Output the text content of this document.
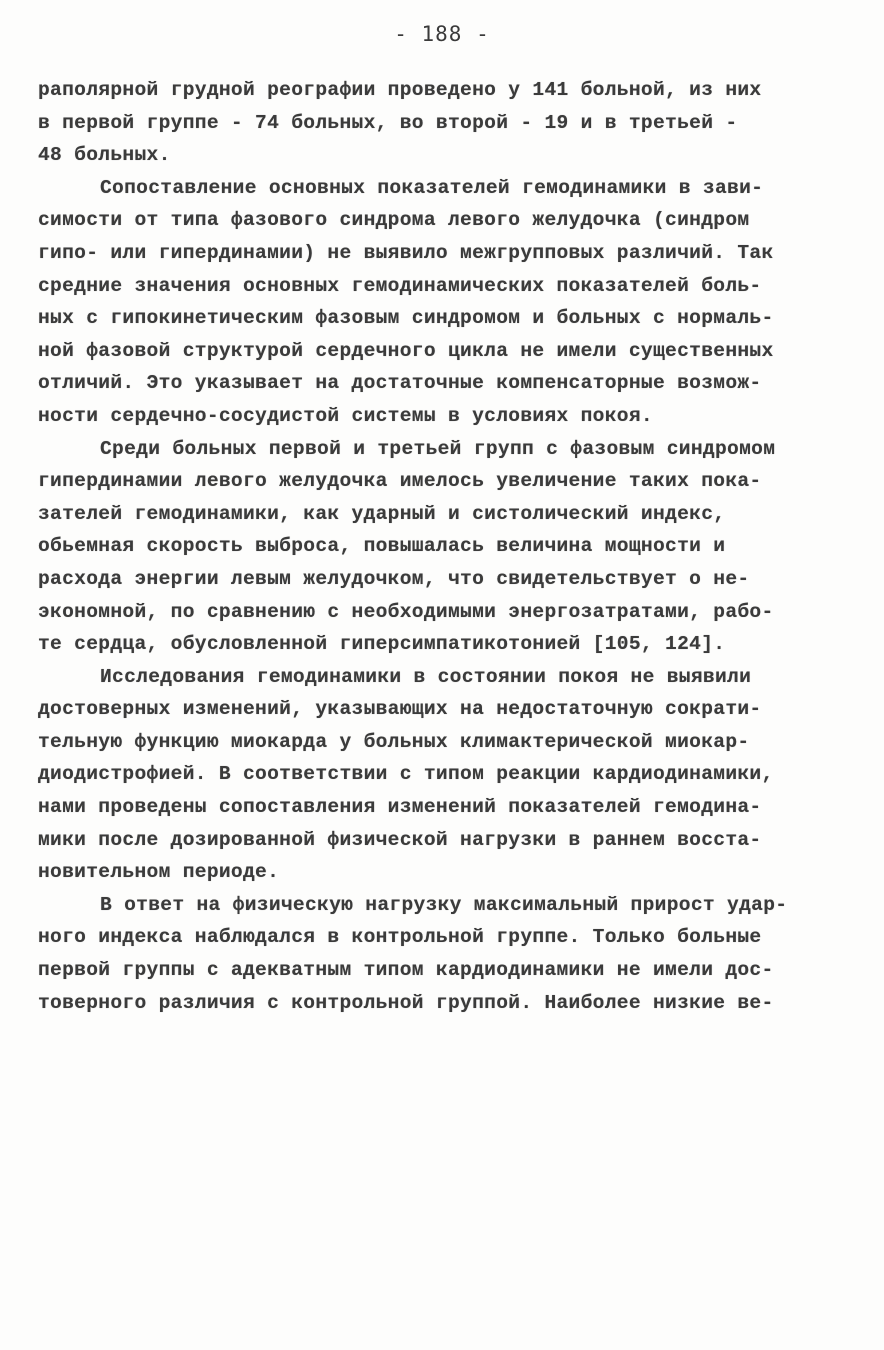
- 188 -
раполярной грудной реографии проведено у 141 больной, из них
в первой группе - 74 больных, во второй - 19 и в третьей -
48 больных.
Сопоставление основных показателей гемодинамики в зави-
симости от типа фазового синдрома левого желудочка (синдром
гипо- или гипердинамии) не выявило межгрупповых различий. Так
средние значения основных гемодинамических показателей боль-
ных с гипокинетическим фазовым синдромом и больных с нормаль-
ной фазовой структурой сердечного цикла не имели существенных
отличий. Это указывает на достаточные компенсаторные возмож-
ности сердечно-сосудистой системы в условиях покоя.
Среди больных первой и третьей групп с фазовым синдромом
гипердинамии левого желудочка имелось увеличение таких пока-
зателей гемодинамики, как ударный и систолический индекс,
обьемная скорость выброса, повышалась величина мощности и
расхода энергии левым желудочком, что свидетельствует о не-
экономной, по сравнению с необходимыми энергозатратами, рабо-
те сердца, обусловленной гиперсимпатикотонией [105, 124].
Исследования гемодинамики в состоянии покоя не выявили
достоверных изменений, указывающих на недостаточную сократи-
тельную функцию миокарда у больных климактерической миокар-
диодистрофией. В соответствии с типом реакции кардиодинамики,
нами проведены сопоставления изменений показателей гемодина-
мики после дозированной физической нагрузки в раннем восста-
новительном периоде.
В ответ на физическую нагрузку максимальный прирост удар-
ного индекса наблюдался в контрольной группе. Только больные
первой группы с адекватным типом кардиодинамики не имели дос-
товерного различия с контрольной группой. Наиболее низкие ве-
